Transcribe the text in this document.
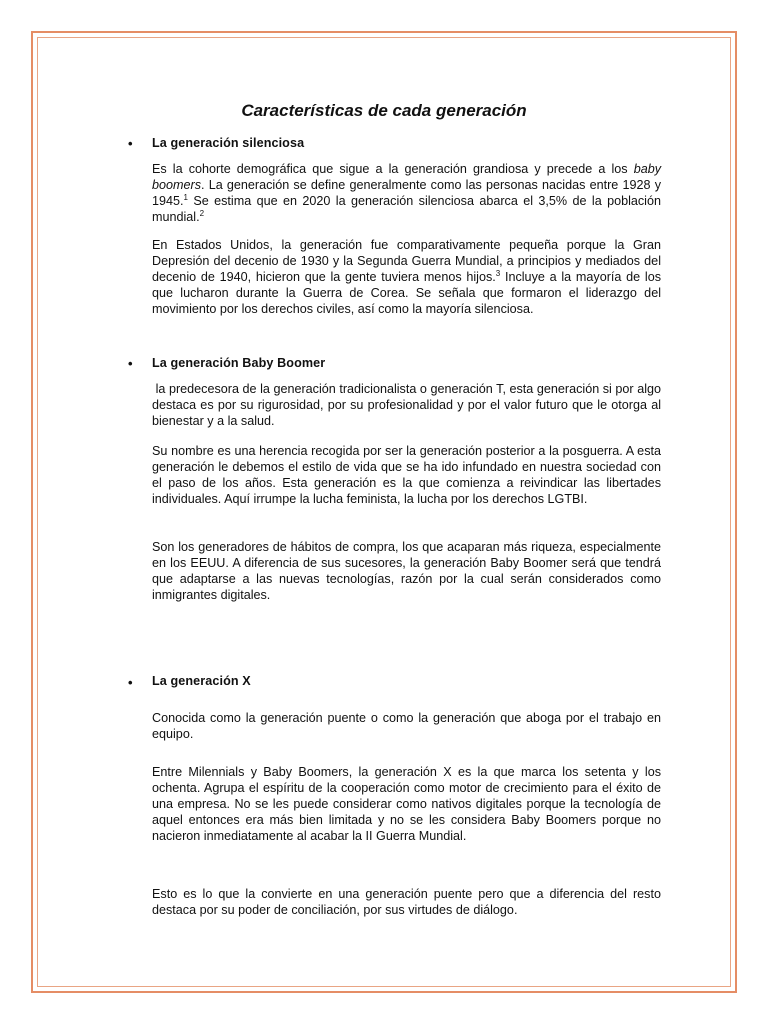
Características de cada generación
• La generación silenciosa

Es la cohorte demográfica que sigue a la generación grandiosa y precede a los baby boomers. La generación se define generalmente como las personas nacidas entre 1928 y 1945.$^1$ Se estima que en 2020 la generación silenciosa abarca el 3,5% de la población mundial.$^2$

En Estados Unidos, la generación fue comparativamente pequeña porque la Gran Depresión del decenio de 1930 y la Segunda Guerra Mundial, a principios y mediados del decenio de 1940, hicieron que la gente tuviera menos hijos.$^3$ Incluye a la mayoría de los que lucharon durante la Guerra de Corea. Se señala que formaron el liderazgo del movimiento por los derechos civiles, así como la mayoría silenciosa.

• La generación Baby Boomer

la predecesora de la generación tradicionalista o generación T, esta generación si por algo destaca es por su rigurosidad, por su profesionalidad y por el valor futuro que le otorga al bienestar y a la salud.

Su nombre es una herencia recogida por ser la generación posterior a la posguerra. A esta generación le debemos el estilo de vida que se ha ido infundado en nuestra sociedad con el paso de los años. Esta generación es la que comienza a reivindicar las libertades individuales. Aquí irrumpe la lucha feminista, la lucha por los derechos LGTBI.

Son los generadores de hábitos de compra, los que acaparan más riqueza, especialmente en los EEUU. A diferencia de sus sucesores, la generación Baby Boomer será que tendrá que adaptarse a las nuevas tecnologías, razón por la cual serán considerados como inmigrantes digitales.

• La generación X

Conocida como la generación puente o como la generación que aboga por el trabajo en equipo.

Entre Milennials y Baby Boomers, la generación X es la que marca los setenta y los ochenta. Agrupa el espíritu de la cooperación como motor de crecimiento para el éxito de una empresa. No se les puede considerar como nativos digitales porque la tecnología de aquel entonces era más bien limitada y no se les considera Baby Boomers porque no nacieron inmediatamente al acabar la II Guerra Mundial.

Esto es lo que la convierte en una generación puente pero que a diferencia del resto destaca por su poder de conciliación, por sus virtudes de diálogo.
